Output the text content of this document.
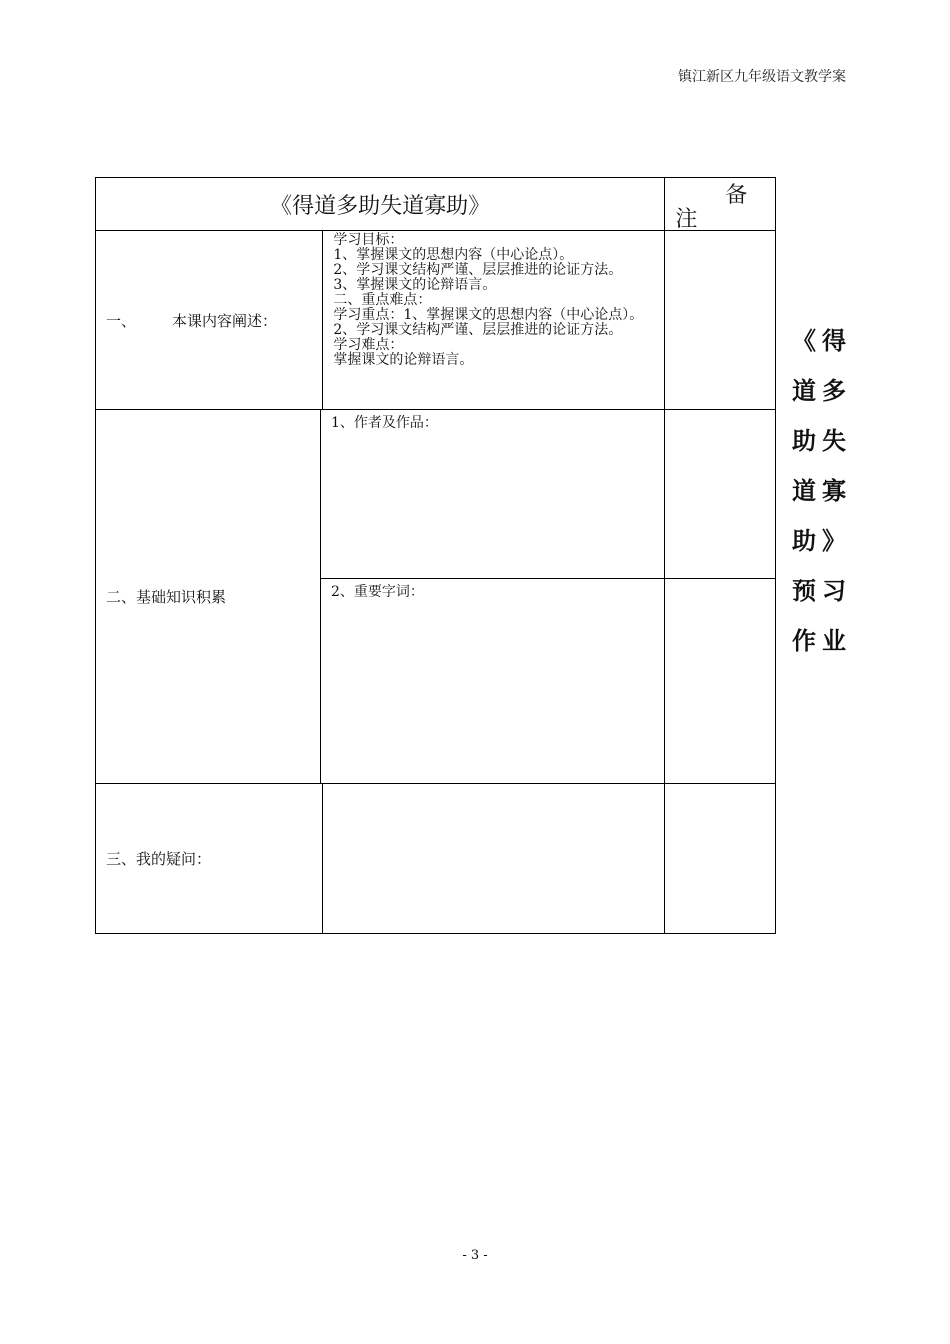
镇江新区九年级语文教学案
《得道多助失道寡助》	备
注
一、	本课内容阐述：
学习目标：
1、掌握课文的思想内容（中心论点）。
2、学习课文结构严谨、层层推进的论证方法。
3、掌握课文的论辩语言。
二、重点难点：
学习重点：1、掌握课文的思想内容（中心论点）。
2、学习课文结构严谨、层层推进的论证方法。
学习难点：
掌握课文的论辩语言。
二、基础知识积累
1、作者及作品：
2、重要字词：
三、我的疑问：
《得
道多
助失
道寡
助》
预习
作业
- 3 -
